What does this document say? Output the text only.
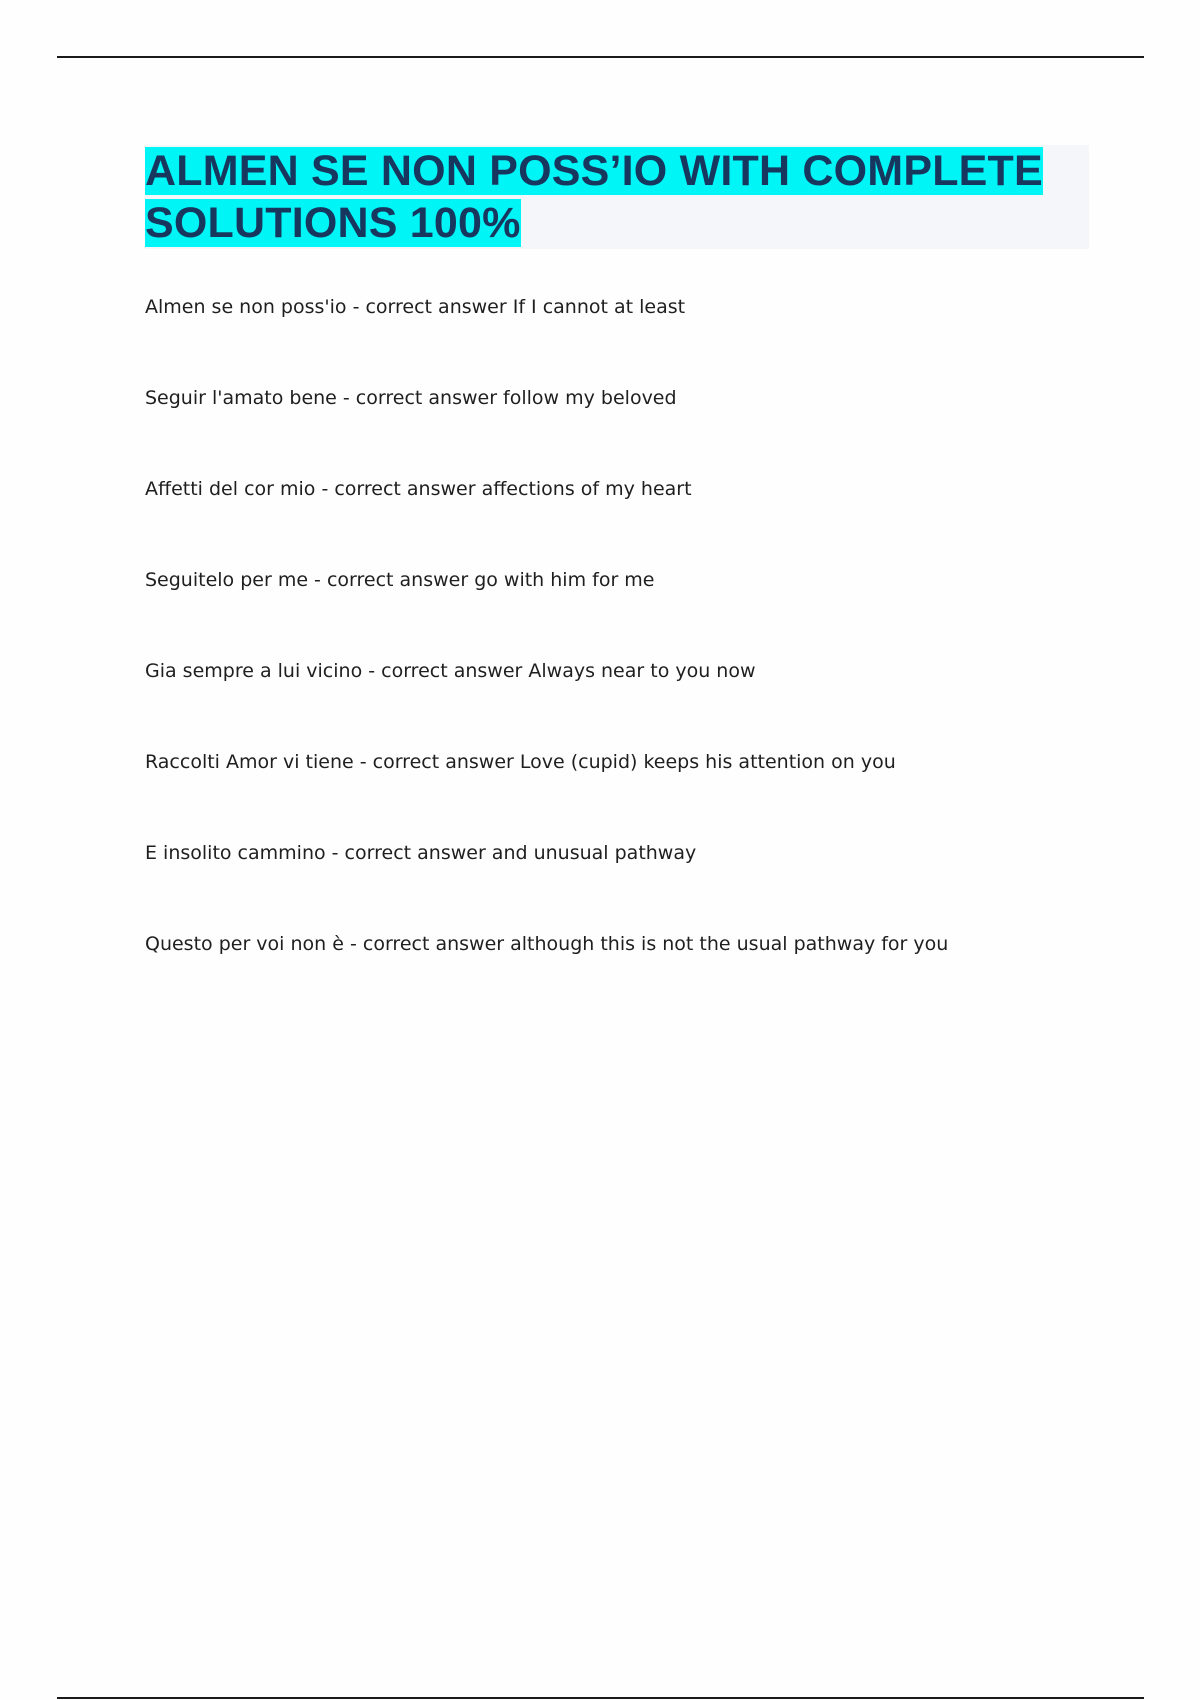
ALMEN SE NON POSS’IO WITH COMPLETE SOLUTIONS 100%
Almen se non poss'io - correct answer If I cannot at least
Seguir l'amato bene - correct answer follow my beloved
Affetti del cor mio - correct answer affections of my heart
Seguitelo per me - correct answer go with him for me
Gia sempre a lui vicino - correct answer Always near to you now
Raccolti Amor vi tiene - correct answer Love (cupid) keeps his attention on you
E insolito cammino - correct answer and unusual pathway
Questo per voi non è - correct answer although this is not the usual pathway for you
